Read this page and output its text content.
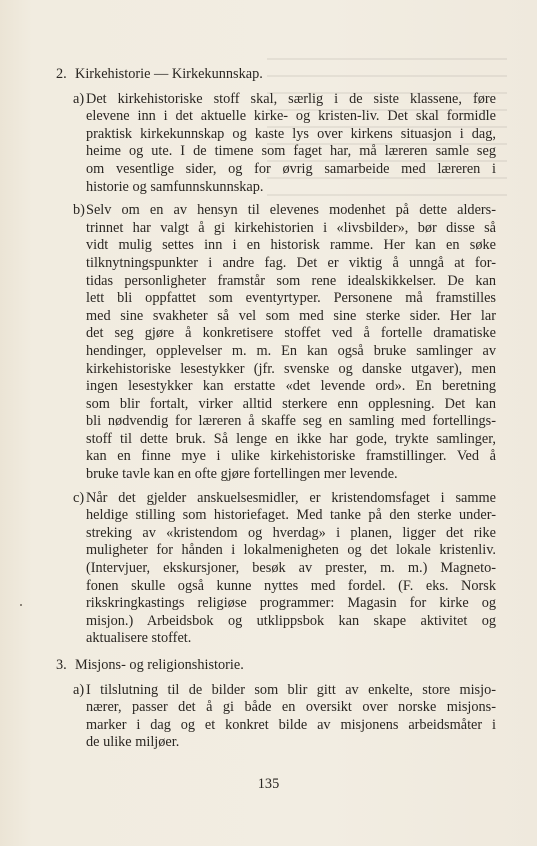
2. Kirkehistorie — Kirkekunnskap.
a) Det kirkehistoriske stoff skal, særlig i de siste klassene, føre
elevene inn i det aktuelle kirke- og kristen-liv. Det skal formidle
praktisk kirkekunnskap og kaste lys over kirkens situasjon i dag,
heime og ute. I de timene som faget har, må læreren samle seg
om vesentlige sider, og for øvrig samarbeide med læreren i
historie og samfunnskunnskap.
b) Selv om en av hensyn til elevenes modenhet på dette alders-
trinnet har valgt å gi kirkehistorien i «livsbilder», bør disse så
vidt mulig settes inn i en historisk ramme. Her kan en søke
tilknytningspunkter i andre fag. Det er viktig å unngå at for-
tidas personligheter framstår som rene idealskikkelser. De kan
lett bli oppfattet som eventyrtyper. Personene må framstilles
med sine svakheter så vel som med sine sterke sider. Her lar
det seg gjøre å konkretisere stoffet ved å fortelle dramatiske
hendinger, opplevelser m. m. En kan også bruke samlinger av
kirkehistoriske lesestykker (jfr. svenske og danske utgaver), men
ingen lesestykker kan erstatte «det levende ord». En beretning
som blir fortalt, virker alltid sterkere enn opplesning. Det kan
bli nødvendig for læreren å skaffe seg en samling med fortellings-
stoff til dette bruk. Så lenge en ikke har gode, trykte samlinger,
kan en finne mye i ulike kirkehistoriske framstillinger. Ved å
bruke tavle kan en ofte gjøre fortellingen mer levende.
c) Når det gjelder anskuelsesmidler, er kristendomsfaget i samme
heldige stilling som historiefaget. Med tanke på den sterke under-
streking av «kristendom og hverdag» i planen, ligger det rike
muligheter for hånden i lokalmenigheten og det lokale kristenliv.
(Intervjuer, ekskursjoner, besøk av prester, m. m.) Magneto-
fonen skulle også kunne nyttes med fordel. (F. eks. Norsk
rikskringkastings religiøse programmer: Magasin for kirke og
misjon.) Arbeidsbok og utklippsbok kan skape aktivitet og
aktualisere stoffet.
3. Misjons- og religionshistorie.
a) I tilslutning til de bilder som blir gitt av enkelte, store misjo-
nærer, passer det å gi både en oversikt over norske misjons-
marker i dag og et konkret bilde av misjonens arbeidsmåter i
de ulike miljøer.
135
